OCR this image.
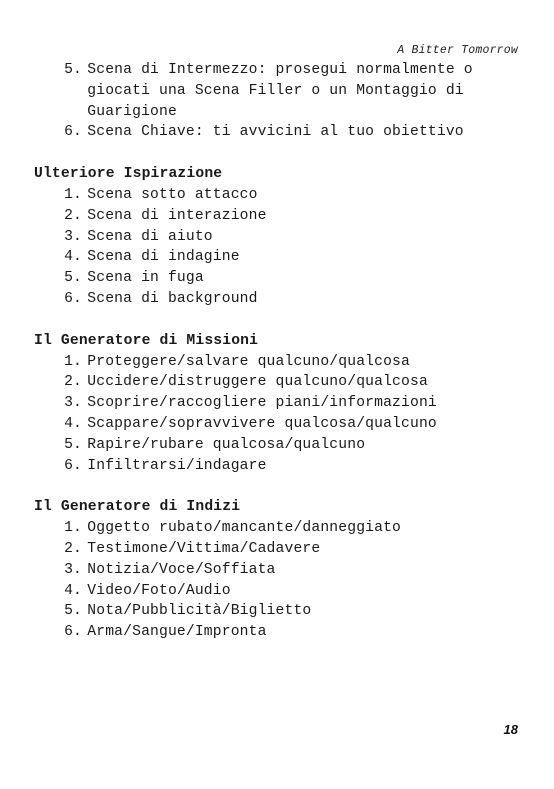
A Bitter Tomorrow
5. Scena di Intermezzo: prosegui normalmente o giocati una Scena Filler o un Montaggio di Guarigione
6. Scena Chiave: ti avvicini al tuo obiettivo
Ulteriore Ispirazione
1. Scena sotto attacco
2. Scena di interazione
3. Scena di aiuto
4. Scena di indagine
5. Scena in fuga
6. Scena di background
Il Generatore di Missioni
1. Proteggere/salvare qualcuno/qualcosa
2. Uccidere/distruggere qualcuno/qualcosa
3. Scoprire/raccogliere piani/informazioni
4. Scappare/sopravvivere qualcosa/qualcuno
5. Rapire/rubare qualcosa/qualcuno
6. Infiltrarsi/indagare
Il Generatore di Indizi
1. Oggetto rubato/mancante/danneggiato
2. Testimone/Vittima/Cadavere
3. Notizia/Voce/Soffiata
4. Video/Foto/Audio
5. Nota/Pubblicità/Biglietto
6. Arma/Sangue/Impronta
18
